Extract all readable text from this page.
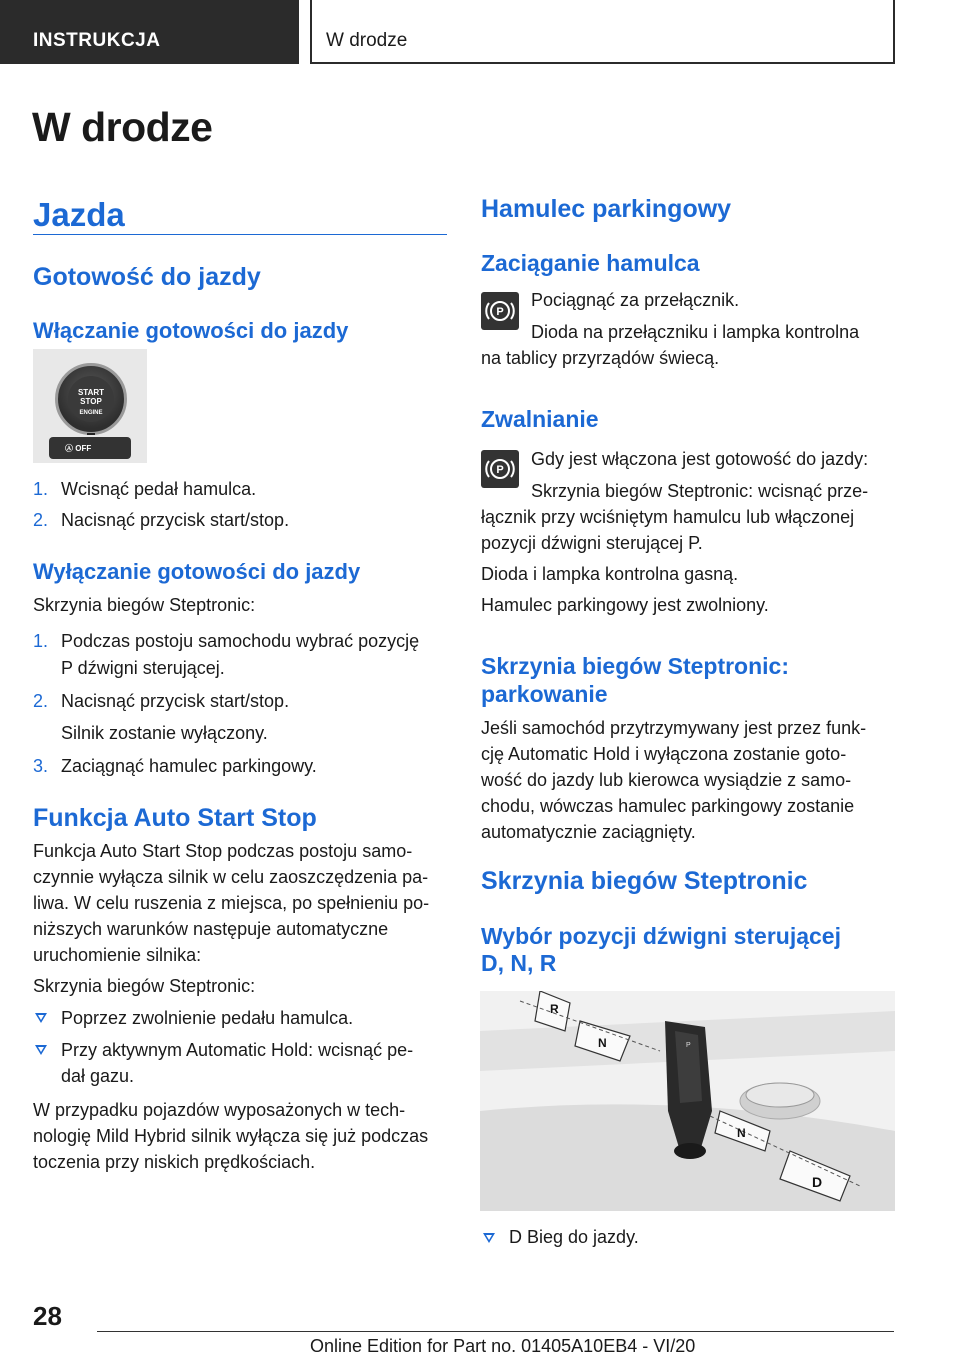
INSTRUKCJA	W drodze
W drodze
Jazda
Gotowość do jazdy
Włączanie gotowości do jazdy
START
STOP
ENGINE
Ⓐ OFF
1. Wcisnąć pedał hamulca.
2. Nacisnąć przycisk start/stop.
Wyłączanie gotowości do jazdy
Skrzynia biegów Steptronic:
1. Podczas postoju samochodu wybrać pozycję
P dźwigni sterującej.
2. Nacisnąć przycisk start/stop.
Silnik zostanie wyłączony.
3. Zaciągnąć hamulec parkingowy.
Funkcja Auto Start Stop
Funkcja Auto Start Stop podczas postoju samo-
czynnie wyłącza silnik w celu zaoszczędzenia pa-
liwa. W celu ruszenia z miejsca, po spełnieniu po-
niższych warunków następuje automatyczne
uruchomienie silnika:
Skrzynia biegów Steptronic:
Poprzez zwolnienie pedału hamulca.
Przy aktywnym Automatic Hold: wcisnąć pe-
dał gazu.
W przypadku pojazdów wyposażonych w tech-
nologię Mild Hybrid silnik wyłącza się już podczas
toczenia przy niskich prędkościach.
Hamulec parkingowy
Zaciąganie hamulca
P
Pociągnąć za przełącznik.
Dioda na przełączniku i lampka kontrolna
na tablicy przyrządów świecą.
Zwalnianie
P
Gdy jest włączona jest gotowość do jazdy:
Skrzynia biegów Steptronic: wcisnąć prze-
łącznik przy wciśniętym hamulcu lub włączonej
pozycji dźwigni sterującej P.
Dioda i lampka kontrolna gasną.
Hamulec parkingowy jest zwolniony.
Skrzynia biegów Steptronic:
parkowanie
Jeśli samochód przytrzymywany jest przez funk-
cję Automatic Hold i wyłączona zostanie goto-
wość do jazdy lub kierowca wysiądzie z samo-
chodu, wówczas hamulec parkingowy zostanie
automatycznie zaciągnięty.
Skrzynia biegów Steptronic
Wybór pozycji dźwigni sterującej
D, N, R
R
N
N
D
P
D Bieg do jazdy.
28
Online Edition for Part no. 01405A10EB4 - VI/20
